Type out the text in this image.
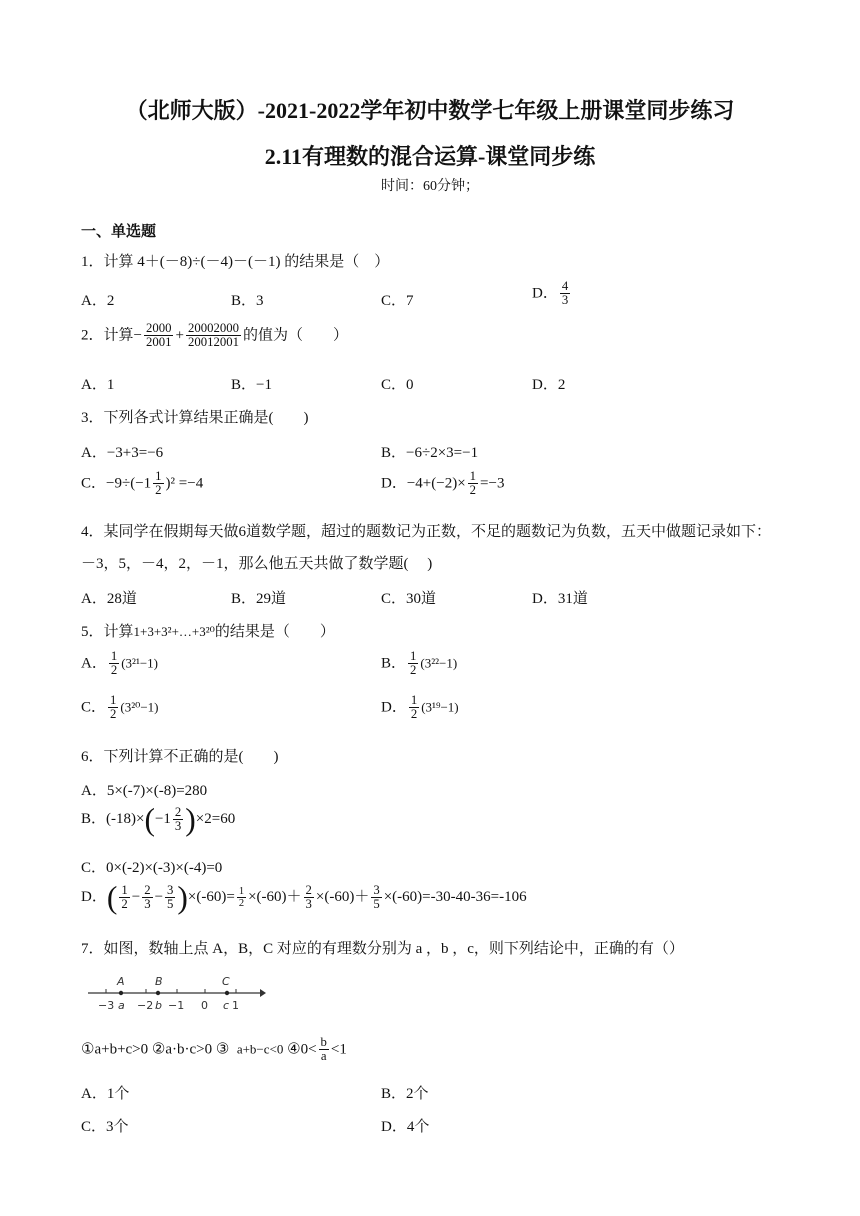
（北师大版）-2021-2022学年初中数学七年级上册课堂同步练习
2.11有理数的混合运算-课堂同步练
时间：60分钟；
一、单选题
1．计算 4＋(－8)÷(－4)－(－1) 的结果是（　）
A．2	B．3	C．7	D． $\frac{4}{3}$
2．计算− $\frac{2000}{2001} + \frac{20002000}{20012001}$ 的值为（　　）
A．1	B．−1	C．0	D．2
3．下列各式计算结果正确是(　　)
A．−3+3=−6	B．−6÷2×3=−1
C．$-9\div(-1 \frac{1}{2} )^2 =-4$	D．$-4+(-2)\times \frac{1}{2} =-3$
4．某同学在假期每天做6道数学题，超过的题数记为正数，不足的题数记为负数，五天中做题记录如下：
－3，5，－4，2，－1，那么他五天共做了数学题(　 )
A．28道	B．29道	C．30道	D．31道
5．计算1+3+3²+…+3²⁰的结果是（　　）
A． $\frac{1}{2} (3^{21}-1)$	B． $\frac{1}{2} (3^{22}-1)$
C． $\frac{1}{2} (3^{20}-1)$	D． $\frac{1}{2} (3^{19}-1)$
6．下列计算不正确的是(　　)
A．5×(-7)×(-8)=280
B．$(-18)\times(-1 \frac{2}{3} )\times 2=60$
C．0×(-2)×(-3)×(-4)=0
D．( $\frac{1}{2} - \frac{2}{3} - \frac{3}{5} )\times(-60)= \frac{1}{2} \times(-60)+ \frac{2}{3} \times(-60)+ \frac{3}{5} \times(-60)=-30-40-36=-106$
7．如图，数轴上点 A，B，C 对应的有理数分别为 a ，b ，c，则下列结论中，正确的有（）
A	B	C
−3 a −2 b −1 0 c 1
①a+b+c>0 ②a·b·c>0 ③ a+b−c<0 ④0< $\frac{b}{a} <1$
A．1个	B．2个
C．3个	D．4个
